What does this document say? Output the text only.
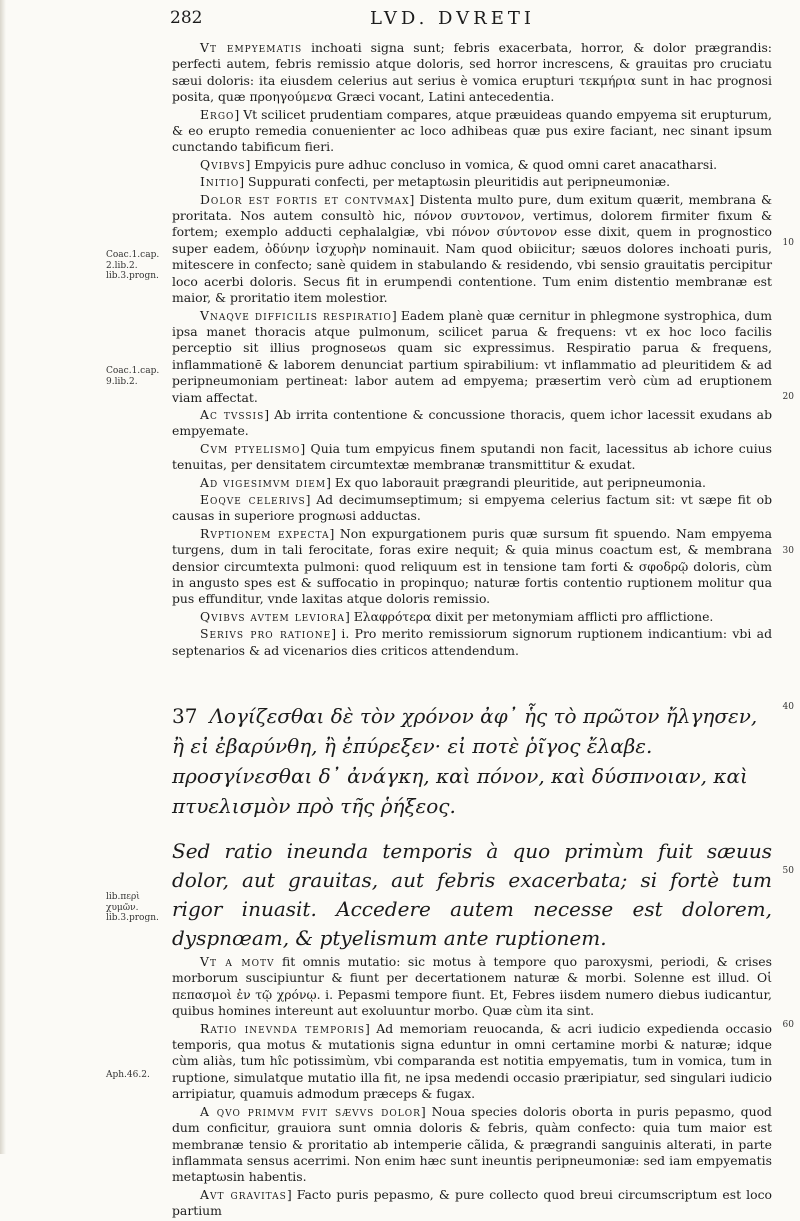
282	LVD. DVRETI
Coac.1.cap. 2.lib.2. lib.3.progn.
Coac.1.cap. 9.lib.2.
lib.περὶ χυμῶν. lib.3.progn.
Aph.46.2.
10
20
30
40
50
60

Vt empyematis inchoati signa sunt; febris exacerbata, horror, & dolor prægrandis: perfecti autem, febris remissio atque doloris, sed horror increscens, & grauitas pro cruciatu sæui doloris: ita eiusdem celerius aut serius è vomica erupturi τεκμήρια sunt in hac prognosi posita, quæ προηγούμενα Græci vocant, Latini antecedentia.

Ergo] Vt scilicet prudentiam compares, atque præuideas quando empyema sit erupturum, & eo erupto remedia conuenienter ac loco adhibeas quæ pus exire faciant, nec sinant ipsum cunctando tabificum fieri.

Qvibvs] Empyicis pure adhuc concluso in vomica, & quod omni caret anacatharsi.

Initio] Suppurati confecti, per metaptωsin pleuritidis aut peripneumoniæ.

Dolor est fortis et contvmax] Distenta multo pure, dum exitum quærit, membrana & proritata. Nos autem consultò hic, πόνον συντονον, vertimus, dolorem firmiter fixum & fortem; exemplo adducti cephalalgiæ, vbi πόνον σύντονον esse dixit, quem in prognostico super eadem, ὀδύνην ἰσχυρὴν nominauit. Nam quod obiicitur; sæuos dolores inchoati puris, mitescere in confecto; sanè quidem in stabulando & residendo, vbi sensio grauitatis percipitur loco acerbi doloris. Secus fit in erumpendi contentione. Tum enim distentio membranæ est maior, & proritatio item molestior.

Vnaqve difficilis respiratio] Eadem planè quæ cernitur in phlegmone systrophica, dum ipsa manet thoracis atque pulmonum, scilicet parua & frequens: vt ex hoc loco facilis perceptio sit illius prognoseωs quam sic expressimus. Respiratio parua & frequens, inflammationē & laborem denunciat partium spirabilium: vt inflammatio ad pleuritidem & ad peripneumoniam pertineat: labor autem ad empyema; præsertim verò cùm ad eruptionem viam affectat.

Ac tvssis] Ab irrita contentione & concussione thoracis, quem ichor lacessit exudans ab empyemate.

Cvm ptyelismo] Quia tum empyicus finem sputandi non facit, lacessitus ab ichore cuius tenuitas, per densitatem circumtextæ membranæ transmittitur & exudat.

Ad vigesimvm diem] Ex quo laborauit prægrandi pleuritide, aut peripneumonia.

Eoqve celerivs] Ad decimumseptimum; si empyema celerius factum sit: vt sæpe fit ob causas in superiore prognωsi adductas.

Rvptionem expecta] Non expurgationem puris quæ sursum fit spuendo. Nam empyema turgens, dum in tali ferocitate, foras exire nequit; & quia minus coactum est, & membrana densior circumtexta pulmoni: quod reliquum est in tensione tam forti & σφοδρῷ doloris, cùm in angusto spes est & suffocatio in propinquo; naturæ fortis contentio ruptionem molitur qua pus effunditur, vnde laxitas atque doloris remissio.

Qvibvs avtem leviora] Ελαφρότερα dixit per metonymiam afflicti pro afflictione.

Serivs pro ratione] i. Pro merito remissiorum signorum ruptionem indicantium: vbi ad septenarios & ad vicenarios dies criticos attendendum.

37 Λογίζεσθαι δὲ τὸν χρόνον ἀφ᾽ ἧς τὸ πρῶτον ἤλγησεν, ἢ εἰ ἐβαρύνθη, ἢ ἐπύρεξεν· εἰ ποτὲ ῥῖγος ἔλαβε. προσγίνεσθαι δ᾽ ἀνάγκη, καὶ πόνον, καὶ δύσπνοιαν, καὶ πτυελισμὸν πρὸ τῆς ῥήξεος.

Sed ratio ineunda temporis à quo primùm fuit sæuus dolor, aut grauitas, aut febris exacerbata; si fortè tum rigor inuasit. Accedere autem necesse est dolorem, dyspnœam, & ptyelismum ante ruptionem.

Vt a motv fit omnis mutatio: sic motus à tempore quo paroxysmi, periodi, & crises morborum suscipiuntur & fiunt per decertationem naturæ & morbi. Solenne est illud. Οἱ πεπασμοὶ ἐν τῷ χρόνῳ. i. Pepasmi tempore fiunt. Et, Febres iisdem numero diebus iudicantur, quibus homines intereunt aut exoluuntur morbo. Quæ cùm ita sint.

Ratio inevnda temporis] Ad memoriam reuocanda, & acri iudicio expedienda occasio temporis, qua motus & mutationis signa eduntur in omni certamine morbi & naturæ; idque cùm aliàs, tum hîc potissimùm, vbi comparanda est notitia empyematis, tum in vomica, tum in ruptione, simulatque mutatio illa fit, ne ipsa medendi occasio præripiatur, sed singulari iudicio arripiatur, quamuis admodum præceps & fugax.

A qvo primvm fvit sævvs dolor] Noua species doloris oborta in puris pepasmo, quod dum conficitur, grauiora sunt omnia doloris & febris, quàm confecto: quia tum maior est membranæ tensio & proritatio ab intemperie cãlida, & prægrandi sanguinis alterati, in parte inflammata sensus acerrimi. Non enim hæc sunt ineuntis peripneumoniæ: sed iam empyematis metaptωsin habentis.

Avt gravitas] Facto puris pepasmo, & pure collecto quod breui circumscriptum est loco partium
